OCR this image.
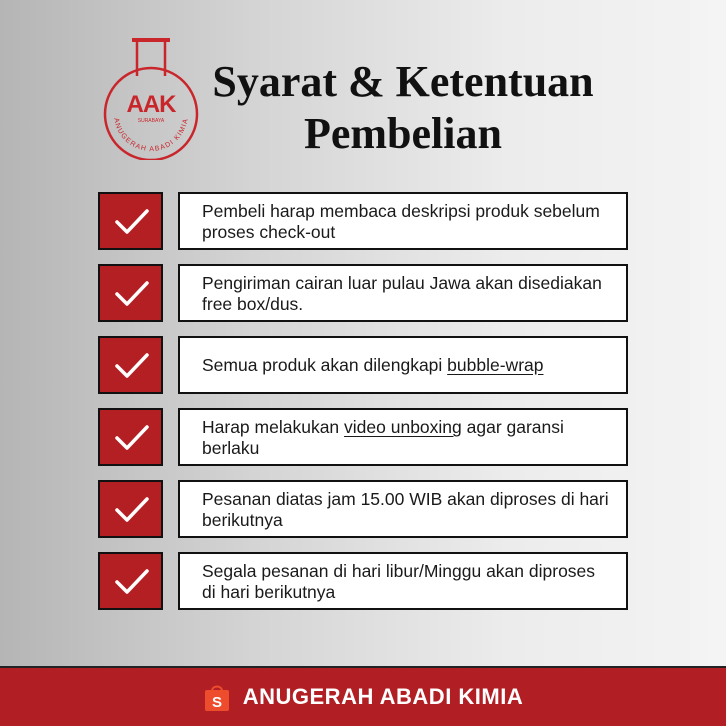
AAK
SURABAYA
ANUGERAH ABADI KIMIA
Syarat & Ketentuan
Pembelian
Pembeli harap membaca deskripsi produk sebelum proses check-out
Pengiriman cairan luar pulau Jawa akan disediakan free box/dus.
Semua produk akan dilengkapi bubble-wrap
Harap melakukan video unboxing agar garansi berlaku
Pesanan diatas jam 15.00 WIB akan diproses di hari berikutnya
Segala pesanan di hari libur/Minggu akan diproses di hari berikutnya
S ANUGERAH ABADI KIMIA
